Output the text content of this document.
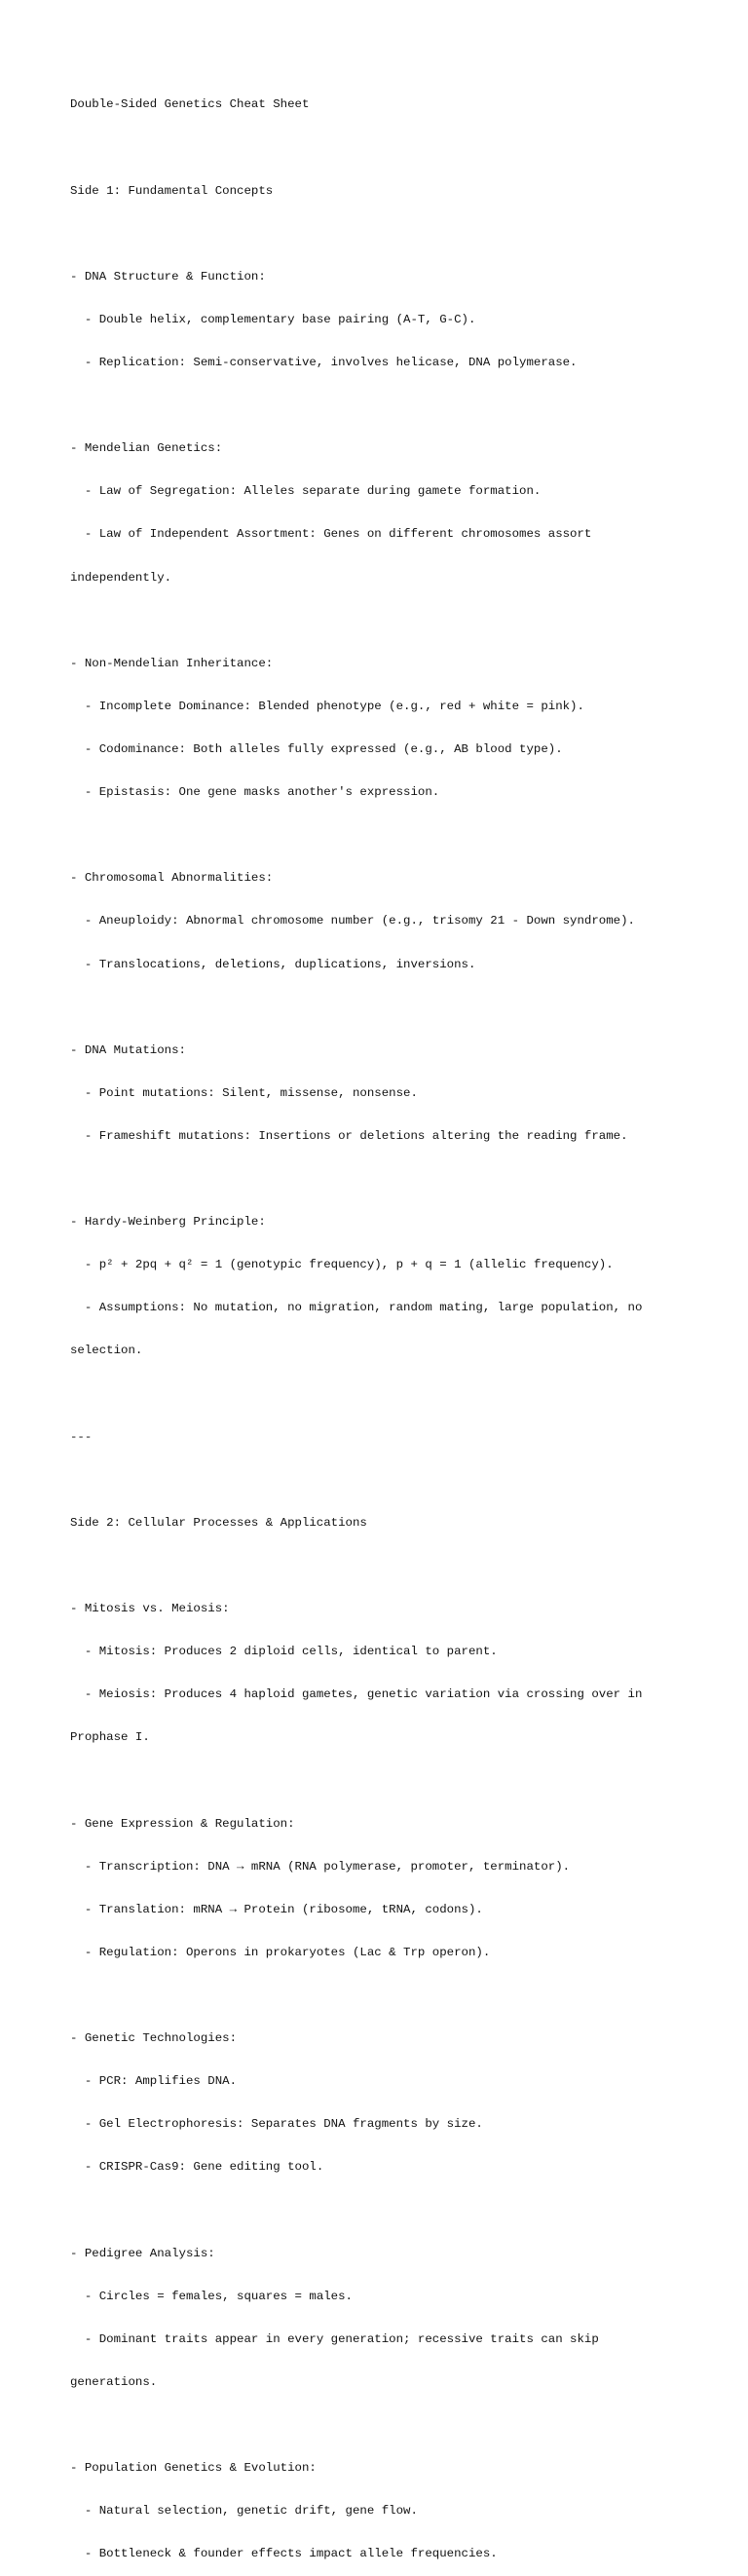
Double-Sided Genetics Cheat Sheet

Side 1: Fundamental Concepts

- DNA Structure & Function:

- Double helix, complementary base pairing (A-T, G-C).

- Replication: Semi-conservative, involves helicase, DNA polymerase.

- Mendelian Genetics:

- Law of Segregation: Alleles separate during gamete formation.

- Law of Independent Assortment: Genes on different chromosomes assort

independently.

- Non-Mendelian Inheritance:

- Incomplete Dominance: Blended phenotype (e.g., red + white = pink).

- Codominance: Both alleles fully expressed (e.g., AB blood type).

- Epistasis: One gene masks another's expression.

- Chromosomal Abnormalities:

- Aneuploidy: Abnormal chromosome number (e.g., trisomy 21 - Down syndrome).

- Translocations, deletions, duplications, inversions.

- DNA Mutations:

- Point mutations: Silent, missense, nonsense.

- Frameshift mutations: Insertions or deletions altering the reading frame.

- Hardy-Weinberg Principle:

- p² + 2pq + q² = 1 (genotypic frequency), p + q = 1 (allelic frequency).

- Assumptions: No mutation, no migration, random mating, large population, no

selection.

---

Side 2: Cellular Processes & Applications

- Mitosis vs. Meiosis:

- Mitosis: Produces 2 diploid cells, identical to parent.

- Meiosis: Produces 4 haploid gametes, genetic variation via crossing over in

Prophase I.

- Gene Expression & Regulation:

- Transcription: DNA → mRNA (RNA polymerase, promoter, terminator).

- Translation: mRNA → Protein (ribosome, tRNA, codons).

- Regulation: Operons in prokaryotes (Lac & Trp operon).

- Genetic Technologies:

- PCR: Amplifies DNA.

- Gel Electrophoresis: Separates DNA fragments by size.

- CRISPR-Cas9: Gene editing tool.

- Pedigree Analysis:

- Circles = females, squares = males.

- Dominant traits appear in every generation; recessive traits can skip

generations.

- Population Genetics & Evolution:

- Natural selection, genetic drift, gene flow.

- Bottleneck & founder effects impact allele frequencies.
